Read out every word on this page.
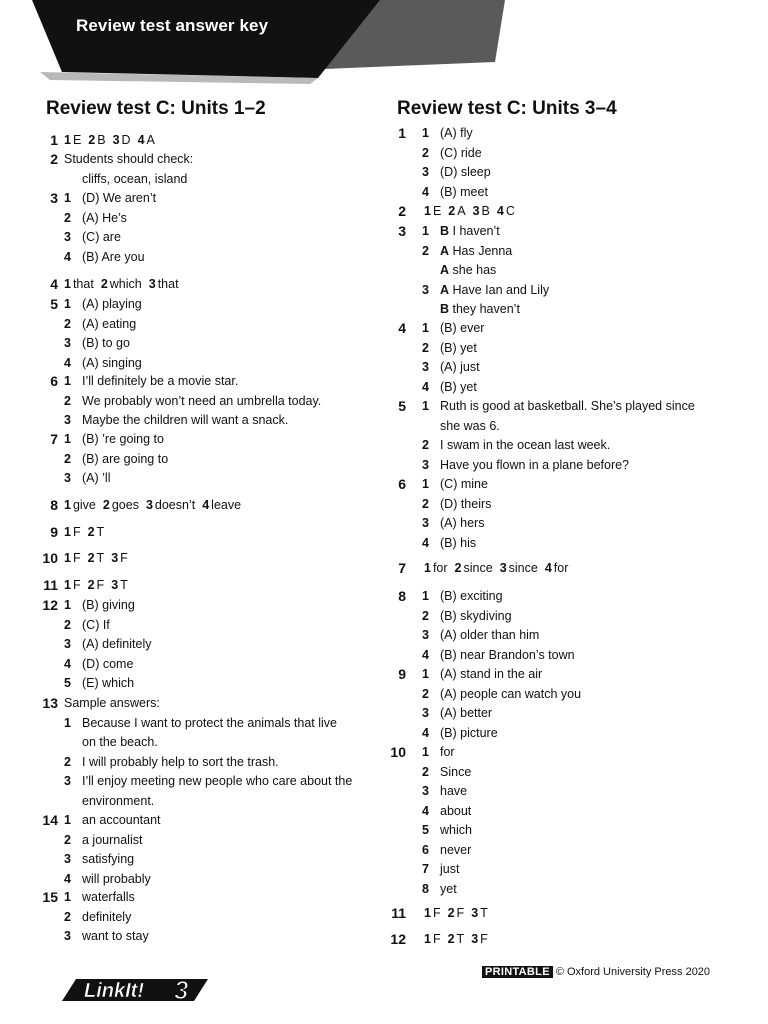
Review test answer key
Review test C: Units 1–2
1 1 E 2 B 3 D 4 A
2 Students should check:
cliffs, ocean, island
3 1 (D) We aren’t
2 (A) He’s
3 (C) are
4 (B) Are you
4 1 that 2 which 3 that
5 1 (A) playing
2 (A) eating
3 (B) to go
4 (A) singing
6 1 I’ll definitely be a movie star.
2 We probably won’t need an umbrella today.
3 Maybe the children will want a snack.
7 1 (B) ’re going to
2 (B) are going to
3 (A) ’ll
8 1 give 2 goes 3 doesn’t 4 leave
9 1 F 2 T
10 1 F 2 T 3 F
11 1 F 2 F 3 T
12 1 (B) giving
2 (C) If
3 (A) definitely
4 (D) come
5 (E) which
13 Sample answers:
1 Because I want to protect the animals that live
on the beach.
2 I will probably help to sort the trash.
3 I’ll enjoy meeting new people who care about the
environment.
14 1 an accountant
2 a journalist
3 satisfying
4 will probably
15 1 waterfalls
2 definitely
3 want to stay
Review test C: Units 3–4
1 1 (A) fly
2 (C) ride
3 (D) sleep
4 (B) meet
2 1 E 2 A 3 B 4 C
3 1 B I haven’t
2 A Has Jenna
A she has
3 A Have Ian and Lily
B they haven’t
4 1 (B) ever
2 (B) yet
3 (A) just
4 (B) yet
5 1 Ruth is good at basketball. She’s played since
she was 6.
2 I swam in the ocean last week.
3 Have you flown in a plane before?
6 1 (C) mine
2 (D) theirs
3 (A) hers
4 (B) his
7 1 for 2 since 3 since 4 for
8 1 (B) exciting
2 (B) skydiving
3 (A) older than him
4 (B) near Brandon’s town
9 1 (A) stand in the air
2 (A) people can watch you
3 (A) better
4 (B) picture
10 1 for
2 Since
3 have
4 about
5 which
6 never
7 just
8 yet
11 1 F 2 F 3 T
12 1 F 2 T 3 F
PRINTABLE © Oxford University Press 2020
LinkIt! 3
